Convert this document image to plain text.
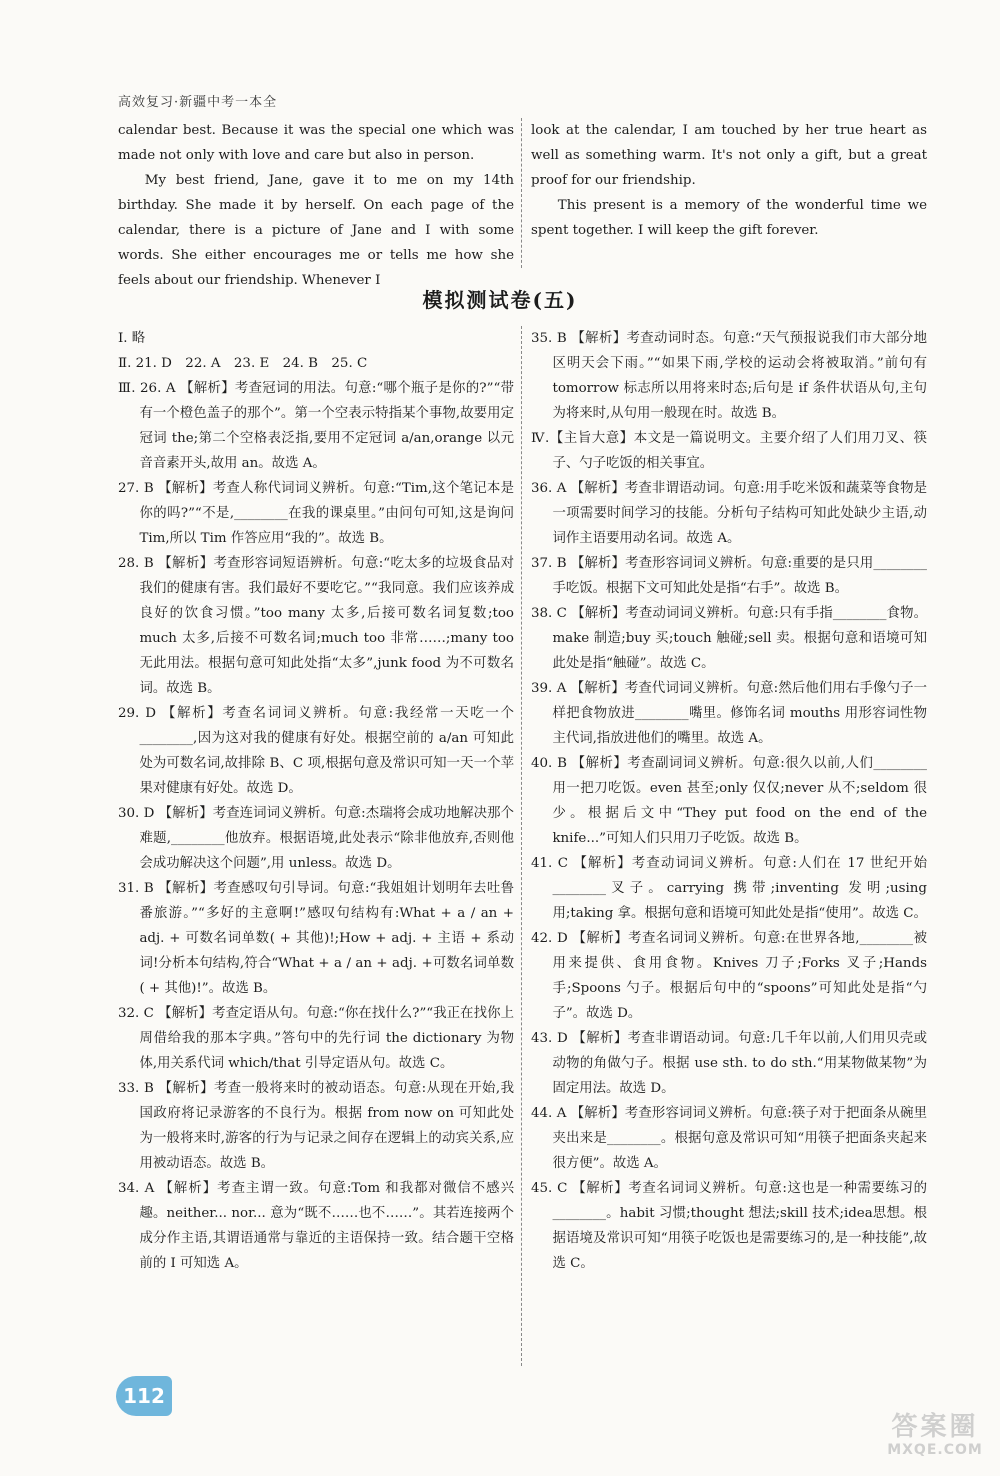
高效复习·新疆中考一本全

calendar best. Because it was the special one which was made not only with love and care but also in person.

My best friend, Jane, gave it to me on my 14th birthday. She made it by herself. On each page of the calendar, there is a picture of Jane and I with some words. She either encourages me or tells me how she feels about our friendship. Whenever I

look at the calendar, I am touched by her true heart as well as something warm. It's not only a gift, but a great proof for our friendship.

This present is a memory of the wonderful time we spent together. I will keep the gift forever.

模拟测试卷(五)

Ⅰ. 略

Ⅱ. 21. D　22. A　23. E　24. B　25. C

Ⅲ. 26. A 【解析】考查冠词的用法。句意:“哪个瓶子是你的?”“带有一个橙色盖子的那个”。第一个空表示特指某个事物,故要用定冠词 the;第二个空格表泛指,要用不定冠词 a/an,orange 以元音音素开头,故用 an。故选 A。

27. B 【解析】考查人称代词词义辨析。句意:“Tim,这个笔记本是你的吗?”“不是,________在我的课桌里。”由问句可知,这是询问 Tim,所以 Tim 作答应用“我的”。故选 B。

28. B 【解析】考查形容词短语辨析。句意:“吃太多的垃圾食品对我们的健康有害。我们最好不要吃它。”“我同意。我们应该养成良好的饮食习惯。”too many 太多,后接可数名词复数;too much 太多,后接不可数名词;much too 非常……;many too 无此用法。根据句意可知此处指“太多”,junk food 为不可数名词。故选 B。

29. D 【解析】考查名词词义辨析。句意:我经常一天吃一个________,因为这对我的健康有好处。根据空前的 a/an 可知此处为可数名词,故排除 B、C 项,根据句意及常识可知一天一个苹果对健康有好处。故选 D。

30. D 【解析】考查连词词义辨析。句意:杰瑞将会成功地解决那个难题,________他放弃。根据语境,此处表示“除非他放弃,否则他会成功解决这个问题”,用 unless。故选 D。

31. B 【解析】考查感叹句引导词。句意:“我姐姐计划明年去吐鲁番旅游。”“多好的主意啊!”感叹句结构有:What + a / an + adj. + 可数名词单数( + 其他)!;How + adj. + 主语 + 系动词!分析本句结构,符合“What + a / an + adj. +可数名词单数( + 其他)!”。故选 B。

32. C 【解析】考查定语从句。句意:“你在找什么?”“我正在找你上周借给我的那本字典。”答句中的先行词 the dictionary 为物体,用关系代词 which/that 引导定语从句。故选 C。

33. B 【解析】考查一般将来时的被动语态。句意:从现在开始,我国政府将记录游客的不良行为。根据 from now on 可知此处为一般将来时,游客的行为与记录之间存在逻辑上的动宾关系,应用被动语态。故选 B。

34. A 【解析】考查主谓一致。句意:Tom 和我都对微信不感兴趣。neither... nor... 意为“既不……也不……”。其若连接两个成分作主语,其谓语通常与靠近的主语保持一致。结合题干空格前的 I 可知选 A。

35. B 【解析】考查动词时态。句意:“天气预报说我们市大部分地区明天会下雨。”“如果下雨,学校的运动会将被取消。”前句有 tomorrow 标志所以用将来时态;后句是 if 条件状语从句,主句为将来时,从句用一般现在时。故选 B。

Ⅳ.【主旨大意】本文是一篇说明文。主要介绍了人们用刀叉、筷子、勺子吃饭的相关事宜。

36. A 【解析】考查非谓语动词。句意:用手吃米饭和蔬菜等食物是一项需要时间学习的技能。分析句子结构可知此处缺少主语,动词作主语要用动名词。故选 A。

37. B 【解析】考查形容词词义辨析。句意:重要的是只用________手吃饭。根据下文可知此处是指“右手”。故选 B。

38. C 【解析】考查动词词义辨析。句意:只有手指________食物。make 制造;buy 买;touch 触碰;sell 卖。根据句意和语境可知此处是指“触碰”。故选 C。

39. A 【解析】考查代词词义辨析。句意:然后他们用右手像勺子一样把食物放进________嘴里。修饰名词 mouths 用形容词性物主代词,指放进他们的嘴里。故选 A。

40. B 【解析】考查副词词义辨析。句意:很久以前,人们________用一把刀吃饭。even 甚至;only 仅仅;never 从不;seldom 很少。根据后文中“They put food on the end of the knife...”可知人们只用刀子吃饭。故选 B。

41. C 【解析】考查动词词义辨析。句意:人们在 17 世纪开始________叉子。carrying 携带;inventing 发明;using 用;taking 拿。根据句意和语境可知此处是指“使用”。故选 C。

42. D 【解析】考查名词词义辨析。句意:在世界各地,________被用来提供、食用食物。Knives 刀子;Forks 叉子;Hands 手;Spoons 勺子。根据后句中的“spoons”可知此处是指“勺子”。故选 D。

43. D 【解析】考查非谓语动词。句意:几千年以前,人们用贝壳或动物的角做勺子。根据 use sth. to do sth.“用某物做某物”为固定用法。故选 D。

44. A 【解析】考查形容词词义辨析。句意:筷子对于把面条从碗里夹出来是________。根据句意及常识可知“用筷子把面条夹起来很方便”。故选 A。

45. C 【解析】考查名词词义辨析。句意:这也是一种需要练习的________。habit 习惯;thought 想法;skill 技术;idea思想。根据语境及常识可知“用筷子吃饭也是需要练习的,是一种技能”,故选 C。

112
答案圈
MXQE.COM
